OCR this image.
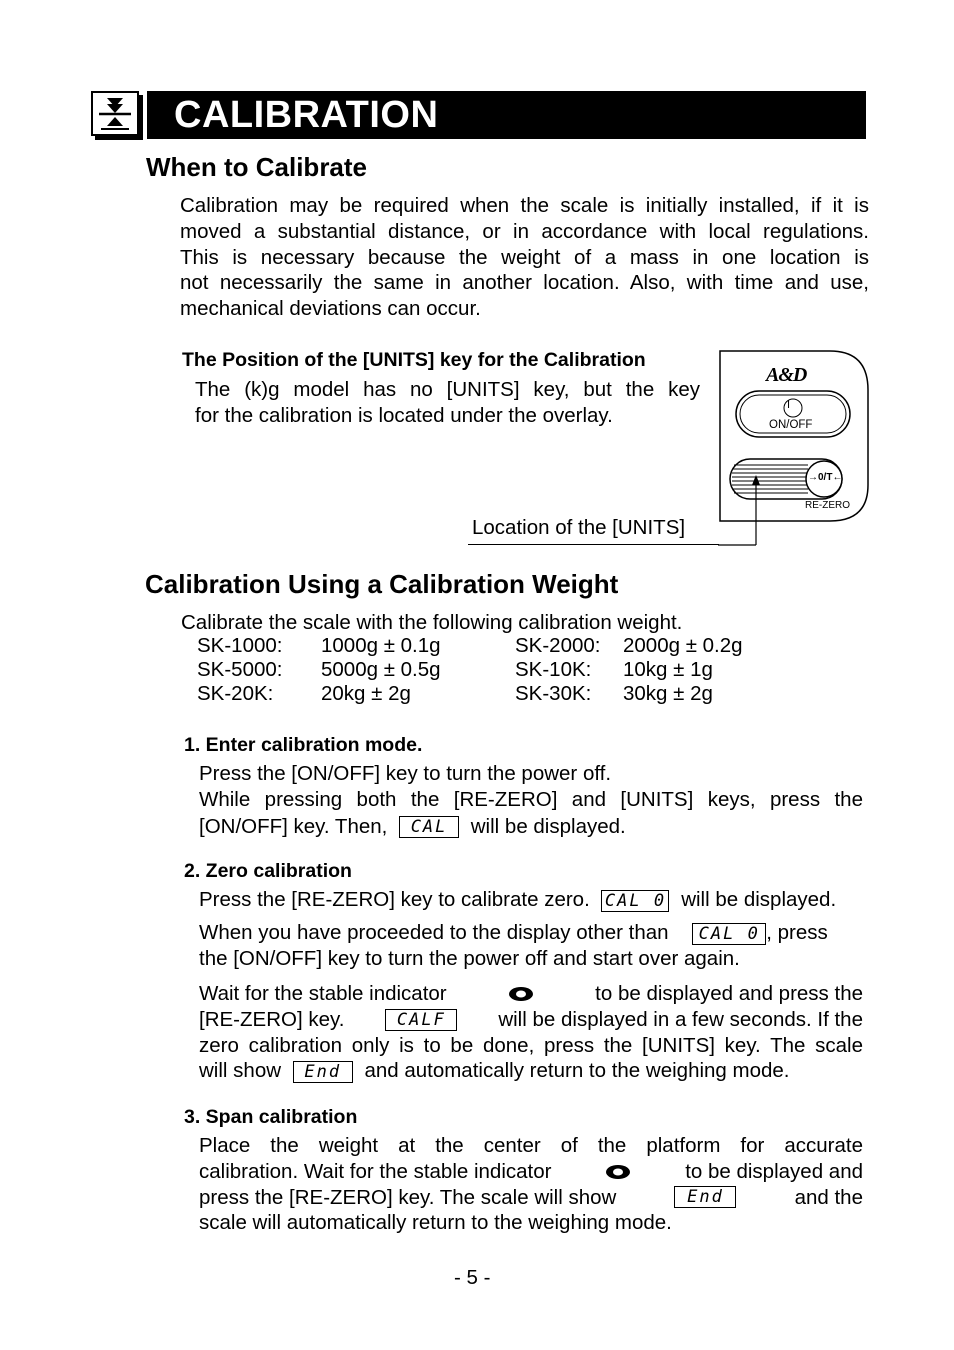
CALIBRATION
When to Calibrate
Calibration may be required when the scale is initially installed, if it is
moved a substantial distance, or in accordance with local regulations.
This is necessary because the weight of a mass in one location is
not necessarily the same in another location. Also, with time and use,
mechanical deviations can occur.
The Position of the [UNITS] key for the Calibration
The (k)g model has no [UNITS] key, but the key
for the calibration is located under the overlay.
A&D
I
ON/OFF
→0/T←
RE-ZERO
Location of the [UNITS]
Calibration Using a Calibration Weight
Calibrate the scale with the following calibration weight.
SK-1000:	1000g ± 0.1g	SK-2000:	2000g ± 0.2g
SK-5000:	5000g ± 0.5g	SK-10K:	10kg ± 1g
SK-20K:	20kg ± 2g	SK-30K:	30kg ± 2g
1. Enter calibration mode.
Press the [ON/OFF] key to turn the power off.
While pressing both the [RE-ZERO] and [UNITS] keys, press the
[ON/OFF] key. Then, CAL will be displayed.
2. Zero calibration
Press the [RE-ZERO] key to calibrate zero. CAL 0 will be displayed.
When you have proceeded to the display other than CAL 0 , press
the [ON/OFF] key to turn the power off and start over again.
Wait for the stable indicator	to be displayed and press the
[RE-ZERO] key.	CALF	will be displayed in a few seconds. If the
zero calibration only is to be done, press the [UNITS] key. The scale
will show End and automatically return to the weighing mode.
3. Span calibration
Place the weight at the center of the platform for accurate
calibration. Wait for the stable indicator	to be displayed and
press the [RE-ZERO] key. The scale will show	End	and the
scale will automatically return to the weighing mode.
- 5 -
